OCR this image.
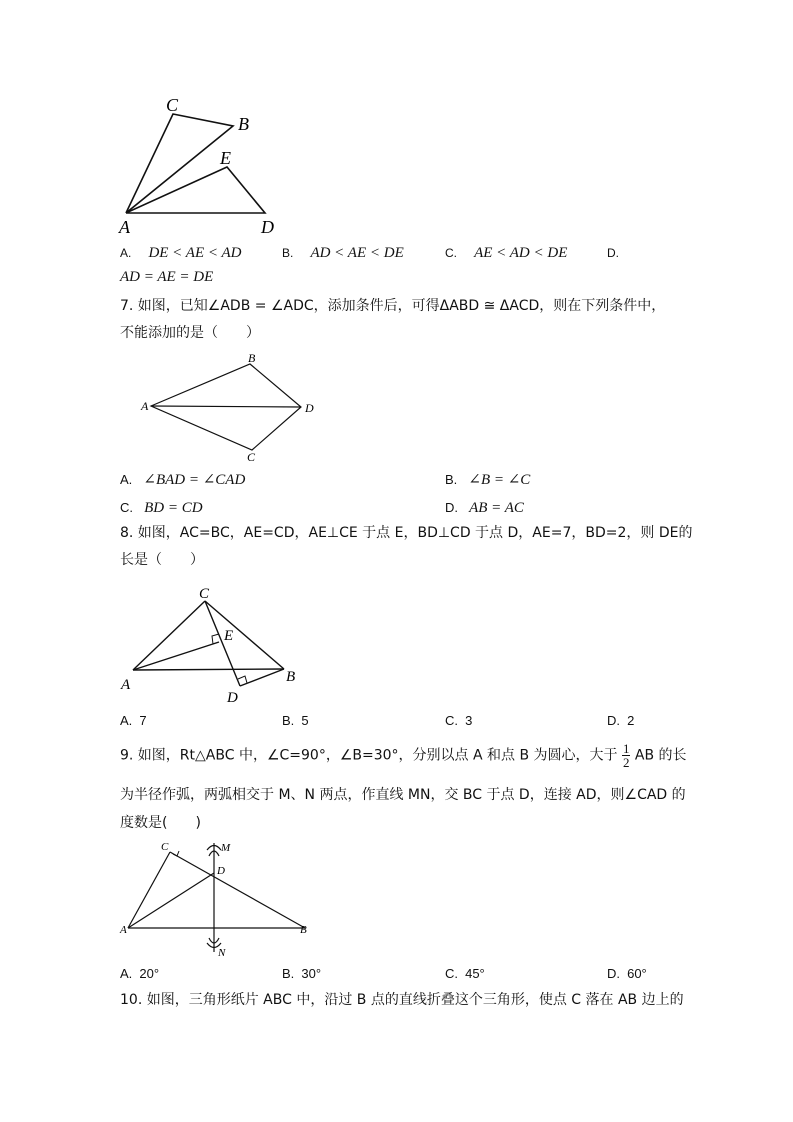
C
B
E
A	D
A. DE < AE < AD	B. AD < AE < DE	C. AE < AD < DE	D.
AD = AE = DE
7. 如图，已知∠ADB = ∠ADC，添加条件后，可得ΔABD ≅ ΔACD，则在下列条件中，
不能添加的是（　　）
B
A	D
C
A. ∠BAD = ∠CAD	B. ∠B = ∠C
C. BD = CD	D. AB = AC
8. 如图，AC=BC，AE=CD，AE⊥CE 于点 E，BD⊥CD 于点 D，AE=7，BD=2，则 DE的
长是（　　）
C
E
A	B
D
A. 7	B. 5	C. 3	D. 2
9. 如图，Rt△ABC 中，∠C=90°，∠B=30°，分别以点 A 和点 B 为圆心，大于 $\frac{1}{2}$ AB 的长
为半径作弧，两弧相交于 M、N 两点，作直线 MN，交 BC 于点 D，连接 AD，则∠CAD 的
度数是(　　)
C	M
D
A	B
N
A. 20°	B. 30°	C. 45°	D. 60°
10. 如图，三角形纸片 ABC 中，沿过 B 点的直线折叠这个三角形，使点 C 落在 AB 边上的
